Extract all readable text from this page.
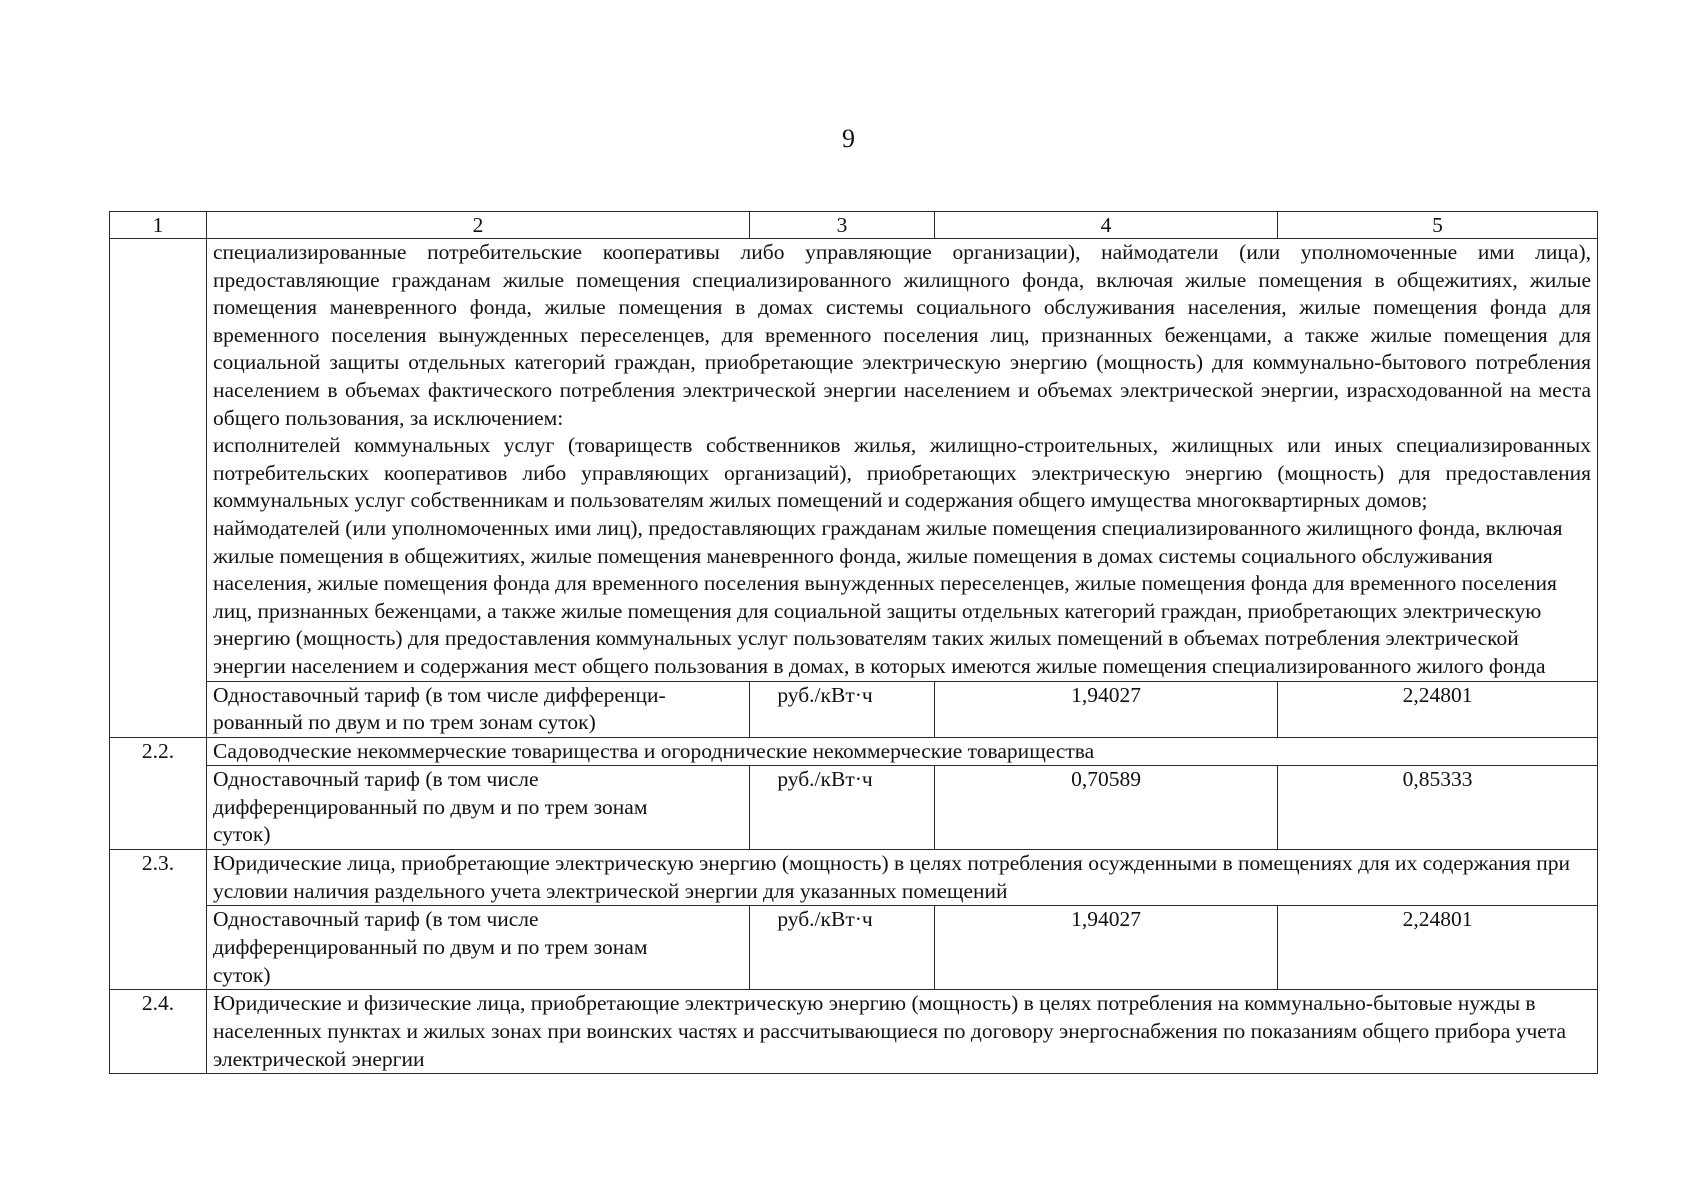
9
1	2	3	4	5

	специализированные потребительские кооперативы либо управляющие организации), наймодатели (или уполномоченные ими лица), предоставляющие гражданам жилые помещения специализированного жилищного фонда, включая жилые помещения в общежитиях, жилые помещения маневренного фонда, жилые помещения в домах системы социального обслуживания населения, жилые помещения фонда для временного поселения вынужденных переселенцев, для временного поселения лиц, признанных беженцами, а также жилые помещения для социальной защиты отдельных категорий граждан, приобретающие электрическую энергию (мощность) для коммунально-бытового потребления населением в объемах фактического потребления электрической энергии населением и объемах электрической энергии, израсходованной на места общего пользования, за исключением:
исполнителей коммунальных услуг (товариществ собственников жилья, жилищно-строительных, жилищных или иных специализированных потребительских кооперативов либо управляющих организаций), приобретающих электрическую энергию (мощность) для предоставления коммунальных услуг собственникам и пользователям жилых помещений и содержания общего имущества многоквартирных домов;
наймодателей (или уполномоченных ими лиц), предоставляющих гражданам жилые помещения специализированного жилищного фонда, включая жилые помещения в общежитиях, жилые помещения маневренного фонда, жилые помещения в домах системы социального обслуживания населения, жилые помещения фонда для временного поселения вынужденных переселенцев, жилые помещения фонда для временного поселения лиц, признанных беженцами, а также жилые помещения для социальной защиты отдельных категорий граждан, приобретающих электрическую энергию (мощность) для предоставления коммунальных услуг пользователям таких жилых помещений в объемах потребления электрической энергии населением и содержания мест общего пользования в домах, в которых имеются жилые помещения специализированного жилого фонда			

	Одноставочный тариф (в том числе дифференци-рованный по двум и по трем зонам суток)	руб./кВт·ч	1,94027	2,24801
2.2.	Садоводческие некоммерческие товарищества и огороднические некоммерческие товарищества			

	Одноставочный тариф (в том числе дифференцированный по двум и по трем зонам суток)	руб./кВт·ч	0,70589	0,85333
2.3.	Юридические лица, приобретающие электрическую энергию (мощность) в целях потребления осужденными в помещениях для их содержания при условии наличия раздельного учета электрической энергии для указанных помещений			

	Одноставочный тариф (в том числе дифференцированный по двум и по трем зонам суток)	руб./кВт·ч	1,94027	2,24801
2.4.	Юридические и физические лица, приобретающие электрическую энергию (мощность) в целях потребления на коммунально-бытовые нужды в населенных пунктах и жилых зонах при воинских частях и рассчитывающиеся по договору энергоснабжения по показаниям общего прибора учета электрической энергии			
